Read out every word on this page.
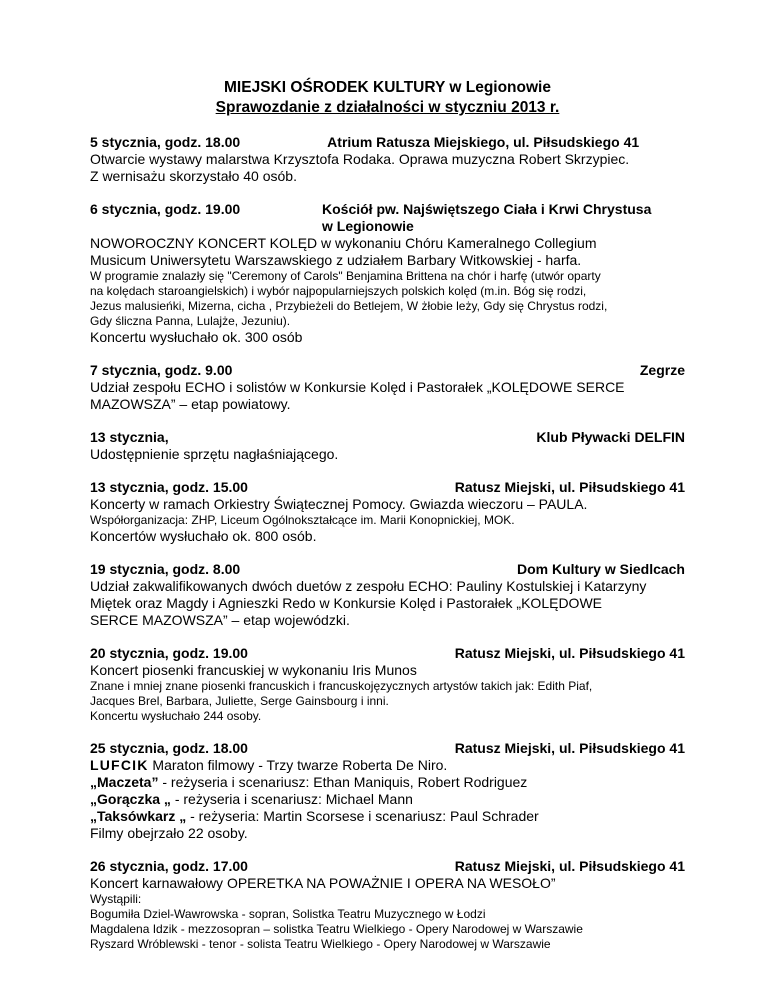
MIEJSKI OŚRODEK KULTURY w Legionowie
Sprawozdanie z działalności w styczniu 2013 r.
5 stycznia, godz. 18.00	Atrium Ratusza Miejskiego, ul. Piłsudskiego 41
Otwarcie wystawy malarstwa Krzysztofa Rodaka. Oprawa muzyczna Robert Skrzypiec.
Z wernisażu skorzystało 40 osób.
6 stycznia, godz. 19.00	Kościół pw. Najświętszego Ciała i Krwi Chrystusa
w Legionowie
NOWOROCZNY KONCERT KOLĘD w wykonaniu Chóru Kameralnego Collegium
Musicum Uniwersytetu Warszawskiego z udziałem Barbary Witkowskiej - harfa.
W programie znalazły się "Ceremony of Carols" Benjamina Brittena na chór i harfę (utwór oparty
na kolędach staroangielskich) i wybór najpopularniejszych polskich kolęd (m.in. Bóg się rodzi,
Jezus malusieńki, Mizerna, cicha , Przybieżeli do Betlejem, W żłobie leży, Gdy się Chrystus rodzi,
Gdy śliczna Panna, Lulajże, Jezuniu).
Koncertu wysłuchało ok. 300 osób
7 stycznia, godz. 9.00	Zegrze
Udział zespołu ECHO i solistów w Konkursie Kolęd i Pastorałek „KOLĘDOWE SERCE
MAZOWSZA” – etap powiatowy.
13 stycznia,	Klub Pływacki DELFIN
Udostępnienie sprzętu nagłaśniającego.
13 stycznia, godz. 15.00	Ratusz Miejski, ul. Piłsudskiego 41
Koncerty w ramach Orkiestry Świątecznej Pomocy. Gwiazda wieczoru – PAULA.
Współorganizacja: ZHP, Liceum Ogólnokształcące im. Marii Konopnickiej, MOK.
Koncertów wysłuchało ok. 800 osób.
19 stycznia, godz. 8.00	Dom Kultury w Siedlcach
Udział zakwalifikowanych dwóch duetów z zespołu ECHO: Pauliny Kostulskiej i Katarzyny
Miętek oraz Magdy i Agnieszki Redo w Konkursie Kolęd i Pastorałek „KOLĘDOWE
SERCE MAZOWSZA” – etap wojewódzki.
20 stycznia, godz. 19.00	Ratusz Miejski, ul. Piłsudskiego 41
Koncert piosenki francuskiej w wykonaniu Iris Munos
Znane i mniej znane piosenki francuskich i francuskojęzycznych artystów takich jak: Edith Piaf,
Jacques Brel, Barbara, Juliette, Serge Gainsbourg i inni.
Koncertu wysłuchało 244 osoby.
25 stycznia, godz. 18.00	Ratusz Miejski, ul. Piłsudskiego 41
LUFCIK Maraton filmowy - Trzy twarze Roberta De Niro.
„Maczeta” - reżyseria i scenariusz: Ethan Maniquis, Robert Rodriguez
„Gorączka „ - reżyseria i scenariusz: Michael Mann
„Taksówkarz „ - reżyseria: Martin Scorsese i scenariusz: Paul Schrader
Filmy obejrzało 22 osoby.
26 stycznia, godz. 17.00	Ratusz Miejski, ul. Piłsudskiego 41
Koncert karnawałowy OPERETKA NA POWAŻNIE I OPERA NA WESOŁO”
Wystąpili:
Bogumiła Dziel-Wawrowska - sopran, Solistka Teatru Muzycznego w Łodzi
Magdalena Idzik - mezzosopran – solistka Teatru Wielkiego - Opery Narodowej w Warszawie
Ryszard Wróblewski - tenor - solista Teatru Wielkiego - Opery Narodowej w Warszawie
